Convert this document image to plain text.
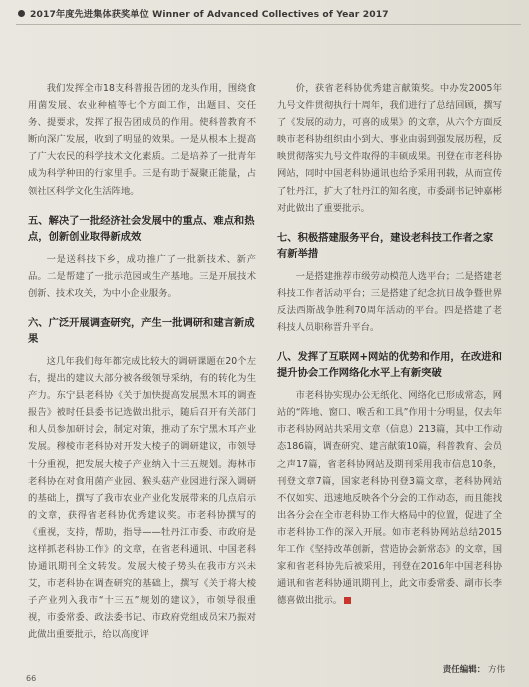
2017年度先进集体获奖单位 Winner of Advanced Collectives of Year 2017

我们发挥全市18支科普报告团的龙头作用，围绕食用菌发展、农业种植等七个方面工作，出题目、交任务、提要求，发挥了报告团成员的作用。使科普教育不断向深广发展，收到了明显的效果。一是从根本上提高了广大农民的科学技术文化素质。二是培养了一批青年成为科学种田的行家里手。三是有助于凝聚正能量，占领社区科学文化生活阵地。

五、解决了一批经济社会发展中的重点、难点和热点，创新创业取得新成效

一是送科技下乡，成功推广了一批新技术、新产品。二是帮建了一批示范园或生产基地。三是开展技术创新、技术攻关，为中小企业服务。

六、广泛开展调查研究，产生一批调研和建言新成果

这几年我们每年都完成比较大的调研课题在20个左右，提出的建议大部分被各级领导采纳，有的转化为生产力。东宁县老科协《关于加快提高发展黑木耳的调查报告》被时任县委书记选做出批示，随后召开有关部门和人员参加研讨会，制定对策，推动了东宁黑木耳产业发展。穆棱市老科协对开发大棱子的调研建议，市领导十分重视，把发展大棱子产业纳入十三五规划。海林市老科协在对食用菌产业园、猴头菇产业园进行深入调研的基础上，撰写了我市农业产业化发展带来的几点启示的文章，获得省老科协优秀建议奖。市老科协撰写的《重视，支持，帮助，指导——牡丹江市委、市政府是这样抓老科协工作》的文章，在省老科通讯、中国老科协通讯期刊全文转发。发展大棱子势头在我市方兴未艾，市老科协在调查研究的基础上，撰写《关于将大棱子产业列入我市“十三五”规划的建议》，市领导很重视，市委常委、政法委书记、市政府党组成员宋乃振对此做出重要批示，给以高度评

价，获省老科协优秀建言献策奖。中办发2005年九号文件贯彻执行十周年，我们进行了总结回顾，撰写了《发展的动力，可喜的成果》的文章，从六个方面反映市老科协组织由小到大、事业由弱到强发展历程，反映贯彻落实九号文件取得的丰硕成果。刊登在市老科协网站，同时中国老科协通讯也给予采用刊载，从而宣传了牡丹江，扩大了牡丹江的知名度，市委副书记钟嘉彬对此做出了重要批示。

七、积极搭建服务平台，建设老科技工作者之家有新举措

一是搭建推荐市级劳动模范人选平台；二是搭建老科技工作者活动平台；三是搭建了纪念抗日战争暨世界反法西斯战争胜利70周年活动的平台。四是搭建了老科技人员职称晋升平台。

八、发挥了互联网+网站的优势和作用，在改进和提升协会工作网络化水平上有新突破

市老科协实现办公无纸化、网络化已形成常态，网站的“阵地、窗口、喉舌和工具”作用十分明显，仅去年市老科协网站共采用文章（信息）213篇，其中工作动态186篇，调查研究、建言献策10篇，科普教育、会员之声17篇，省老科协网站及期刊采用我市信息10条，刊登文章7篇，国家老科协刊登3篇文章，老科协网站不仅如实、迅速地反映各个分会的工作动态，而且能找出各分会在全市老科协工作大格局中的位置，促进了全市老科协工作的深入开展。如市老科协网站总结2015年工作《坚持改革创新，营造协会新常态》的文章，国家和省老科协先后被采用，刊登在2016年中国老科协通讯和省老科协通讯期刊上，此文市委常委、副市长李德喜做出批示。

责任编辑： 方伟
66
